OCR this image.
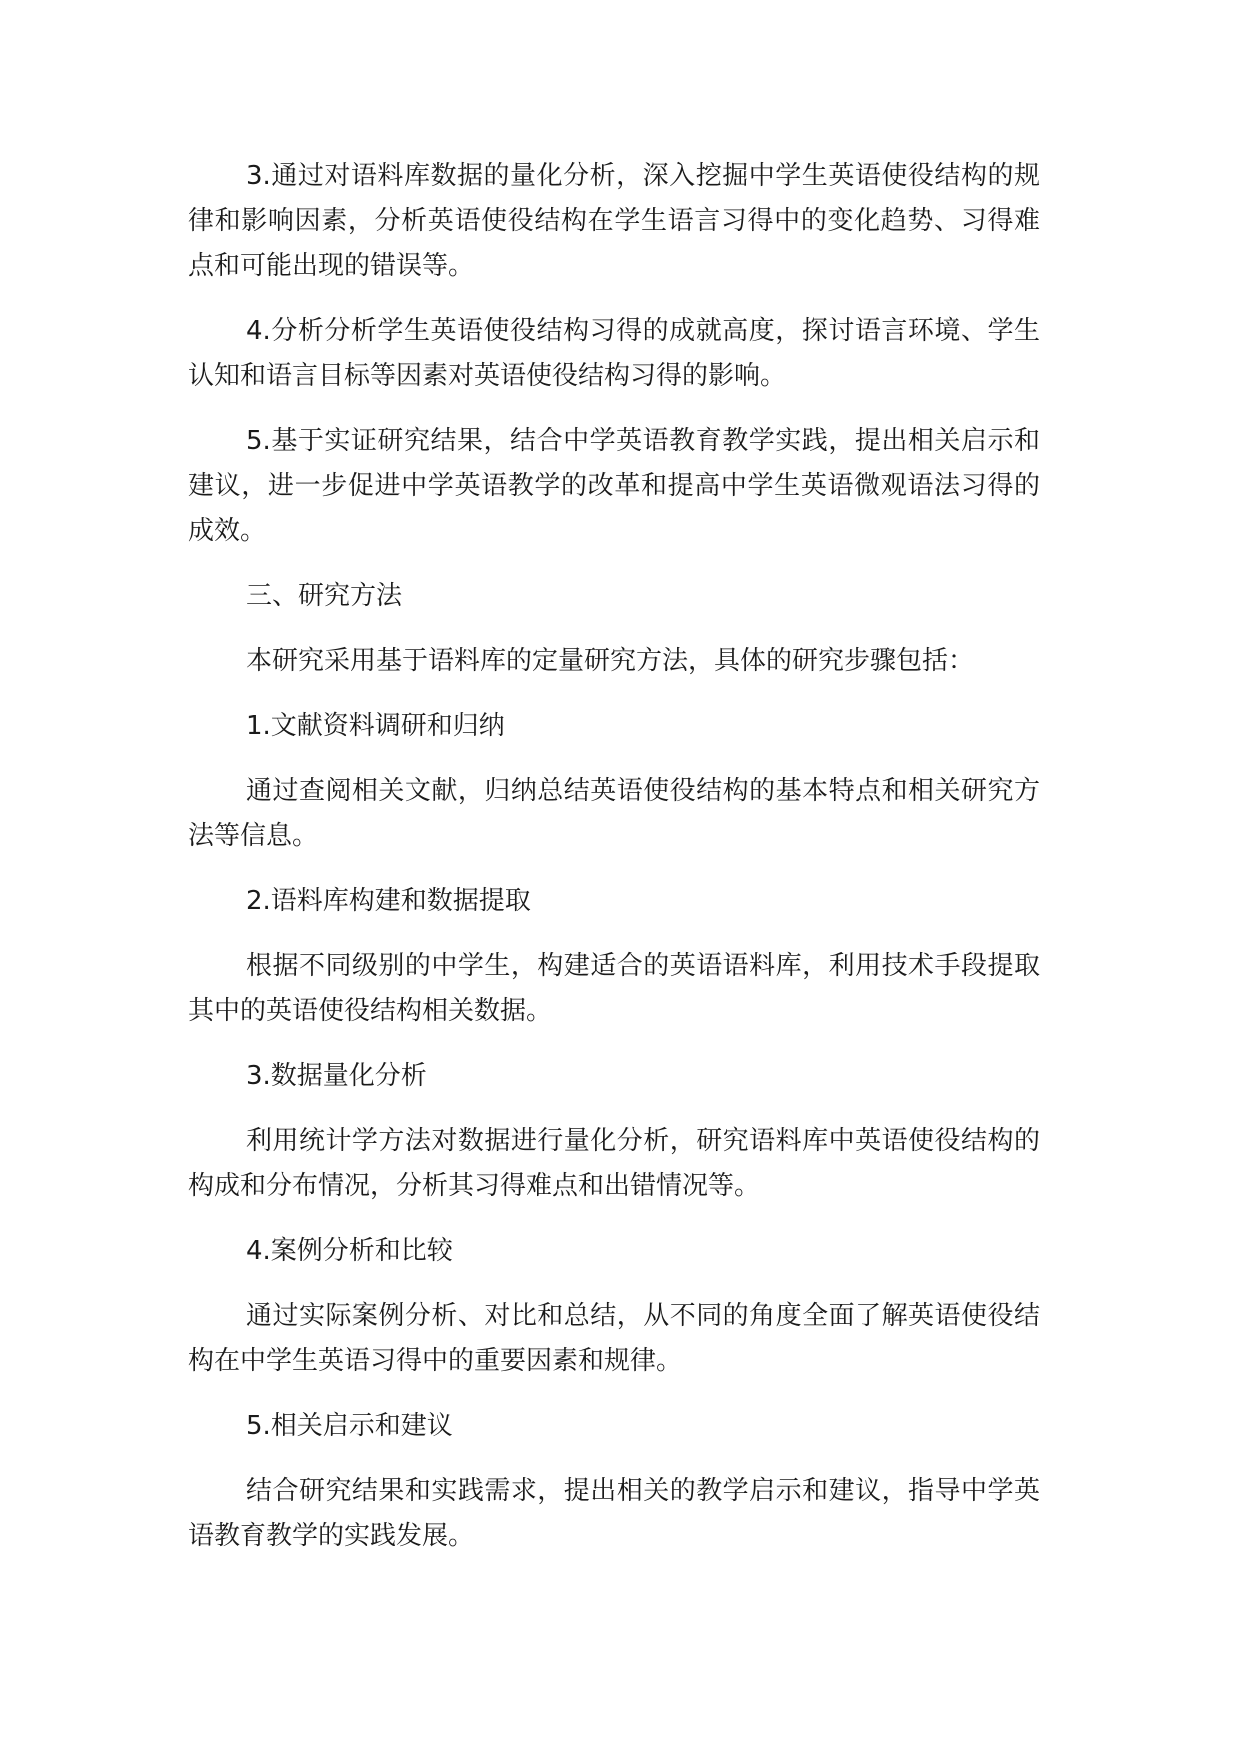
3.通过对语料库数据的量化分析，深入挖掘中学生英语使役结构的规律和影响因素，分析英语使役结构在学生语言习得中的变化趋势、习得难点和可能出现的错误等。

4.分析分析学生英语使役结构习得的成就高度，探讨语言环境、学生认知和语言目标等因素对英语使役结构习得的影响。

5.基于实证研究结果，结合中学英语教育教学实践，提出相关启示和建议，进一步促进中学英语教学的改革和提高中学生英语微观语法习得的成效。

三、研究方法

本研究采用基于语料库的定量研究方法，具体的研究步骤包括：

1.文献资料调研和归纳

通过查阅相关文献，归纳总结英语使役结构的基本特点和相关研究方法等信息。

2.语料库构建和数据提取

根据不同级别的中学生，构建适合的英语语料库，利用技术手段提取其中的英语使役结构相关数据。

3.数据量化分析

利用统计学方法对数据进行量化分析，研究语料库中英语使役结构的构成和分布情况，分析其习得难点和出错情况等。

4.案例分析和比较

通过实际案例分析、对比和总结，从不同的角度全面了解英语使役结构在中学生英语习得中的重要因素和规律。

5.相关启示和建议

结合研究结果和实践需求，提出相关的教学启示和建议，指导中学英语教育教学的实践发展。
